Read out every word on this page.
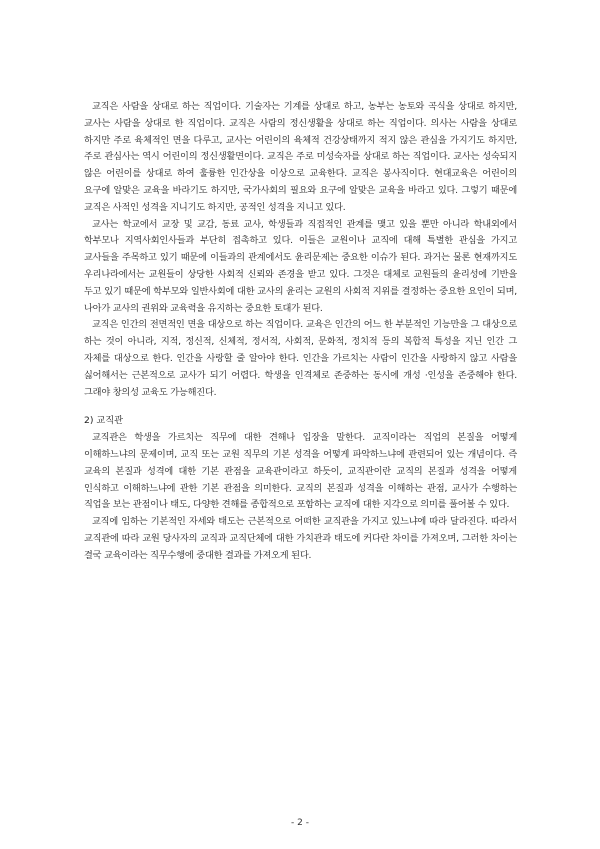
교직은 사람을 상대로 하는 직업이다. 기술자는 기계를 상대로 하고, 농부는 농토와 곡식을 상대로 하지만, 교사는 사람을 상대로 한 직업이다. 교직은 사람의 정신생활을 상대로 하는 직업이다. 의사는 사람을 상대로 하지만 주로 육체적인 면을 다루고, 교사는 어린이의 육체적 건강상태까지 적지 않은 관심을 가지기도 하지만, 주로 관심사는 역시 어린이의 정신생활면이다. 교직은 주로 미성숙자를 상대로 하는 직업이다. 교사는 성숙되지 않은 어린이를 상대로 하여 훌륭한 인간상을 이상으로 교육한다. 교직은 봉사직이다. 현대교육은 어린이의 요구에 알맞은 교육을 바라기도 하지만, 국가사회의 필요와 요구에 알맞은 교육을 바라고 있다. 그렇기 때문에 교직은 사적인 성격을 지니기도 하지만, 공적인 성격을 지니고 있다.

교사는 학교에서 교장 및 교감, 동료 교사, 학생들과 직접적인 관계를 맺고 있을 뿐만 아니라 학내외에서 학부모나 지역사회인사들과 부단히 접촉하고 있다. 이들은 교원이나 교직에 대해 특별한 관심을 가지고 교사들을 주목하고 있기 때문에 이들과의 관계에서도 윤리문제는 중요한 이슈가 된다. 과거는 물론 현재까지도 우리나라에서는 교원들이 상당한 사회적 신뢰와 존경을 받고 있다. 그것은 대체로 교원들의 윤리성에 기반을 두고 있기 때문에 학부모와 일반사회에 대한 교사의 윤리는 교원의 사회적 지위를 결정하는 중요한 요인이 되며, 나아가 교사의 권위와 교육력을 유지하는 중요한 토대가 된다.

교직은 인간의 전면적인 면을 대상으로 하는 직업이다. 교육은 인간의 어느 한 부분적인 기능만을 그 대상으로 하는 것이 아니라, 지적, 정신적, 신체적, 정서적, 사회적, 문화적, 정치적 등의 복합적 특성을 지닌 인간 그 자체를 대상으로 한다. 인간을 사랑할 줄 알아야 한다. 인간을 가르치는 사람이 인간을 사랑하지 않고 사람을 싫어해서는 근본적으로 교사가 되기 어렵다. 학생을 인격체로 존중하는 동시에 개성 ·인성을 존중해야 한다. 그래야 창의성 교육도 가능해진다.

2) 교직관

교직관은 학생을 가르치는 직무에 대한 견해나 입장을 말한다. 교직이라는 직업의 본질을 어떻게 이해하느냐의 문제이며, 교직 또는 교원 직무의 기본 성격을 어떻게 파악하느냐에 관련되어 있는 개념이다. 즉 교육의 본질과 성격에 대한 기본 관점을 교육관이라고 하듯이, 교직관이란 교직의 본질과 성격을 어떻게 인식하고 이해하느냐에 관한 기본 관점을 의미한다. 교직의 본질과 성격을 이해하는 관점, 교사가 수행하는 직업을 보는 관점이나 태도, 다양한 견해를 종합적으로 포함하는 교직에 대한 지각으로 의미를 풀어볼 수 있다.

교직에 임하는 기본적인 자세와 태도는 근본적으로 어떠한 교직관을 가지고 있느냐에 따라 달라진다. 따라서 교직관에 따라 교원 당사자의 교직과 교직단체에 대한 가치관과 태도에 커다란 차이를 가져오며, 그러한 차이는 결국 교육이라는 직무수행에 중대한 결과를 가져오게 된다.

- 2 -
